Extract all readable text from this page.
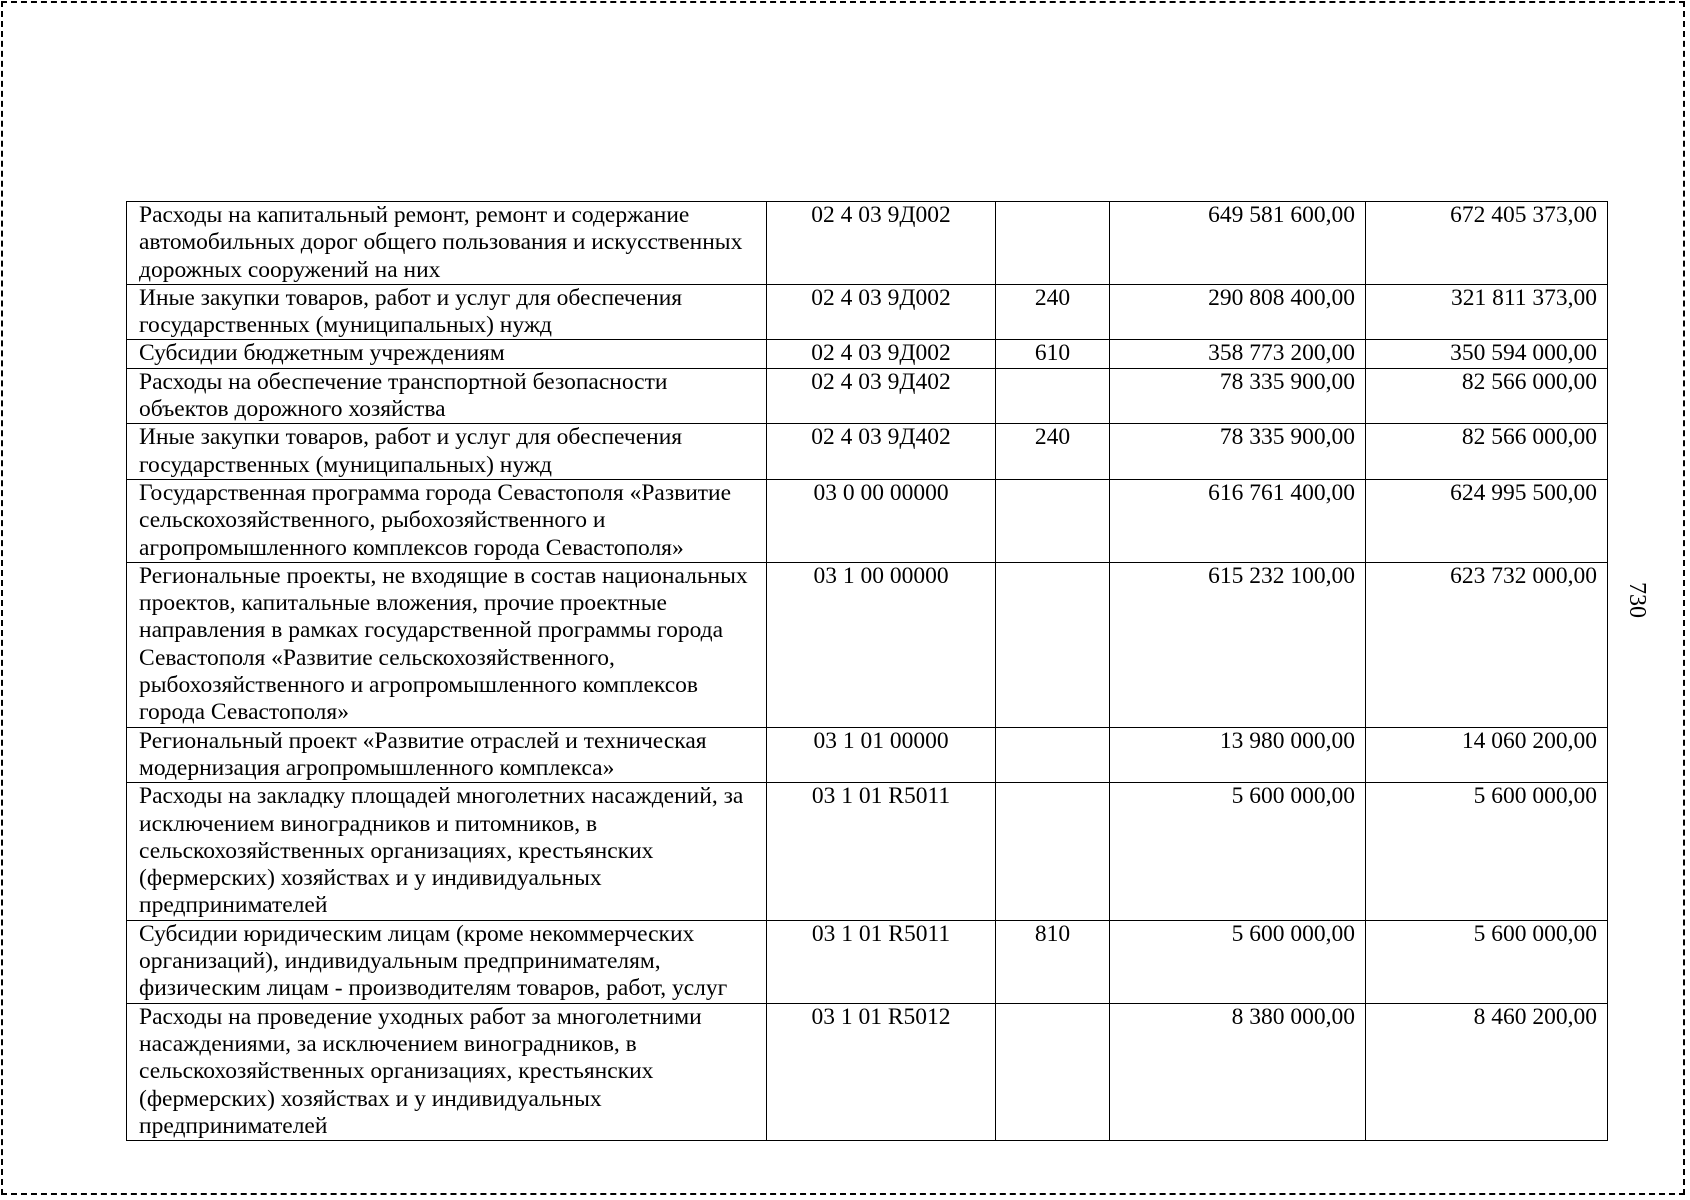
Расходы на капитальный ремонт, ремонт и содержание автомобильных дорог общего пользования и искусственных дорожных сооружений на них	02 4 03 9Д002		649 581 600,00	672 405 373,00
Иные закупки товаров, работ и услуг для обеспечения государственных (муниципальных) нужд	02 4 03 9Д002	240	290 808 400,00	321 811 373,00
Субсидии бюджетным учреждениям	02 4 03 9Д002	610	358 773 200,00	350 594 000,00
Расходы на обеспечение транспортной безопасности объектов дорожного хозяйства	02 4 03 9Д402		78 335 900,00	82 566 000,00
Иные закупки товаров, работ и услуг для обеспечения государственных (муниципальных) нужд	02 4 03 9Д402	240	78 335 900,00	82 566 000,00
Государственная программа города Севастополя «Развитие сельскохозяйственного, рыбохозяйственного и агропромышленного комплексов города Севастополя»	03 0 00 00000		616 761 400,00	624 995 500,00
Региональные проекты, не входящие в состав национальных проектов, капитальные вложения, прочие проектные направления в рамках государственной программы города Севастополя «Развитие сельскохозяйственного, рыбохозяйственного и агропромышленного комплексов города Севастополя»	03 1 00 00000		615 232 100,00	623 732 000,00
Региональный проект «Развитие отраслей и техническая модернизация агропромышленного комплекса»	03 1 01 00000		13 980 000,00	14 060 200,00
Расходы на закладку площадей многолетних насаждений, за исключением виноградников и питомников, в сельскохозяйственных организациях, крестьянских (фермерских) хозяйствах и у индивидуальных предпринимателей	03 1 01 R5011		5 600 000,00	5 600 000,00
Субсидии юридическим лицам (кроме некоммерческих организаций), индивидуальным предпринимателям, физическим лицам - производителям товаров, работ, услуг	03 1 01 R5011	810	5 600 000,00	5 600 000,00
Расходы на проведение уходных работ за многолетними насаждениями, за исключением виноградников, в сельскохозяйственных организациях, крестьянских (фермерских) хозяйствах и у индивидуальных предпринимателей	03 1 01 R5012		8 380 000,00	8 460 200,00
730
